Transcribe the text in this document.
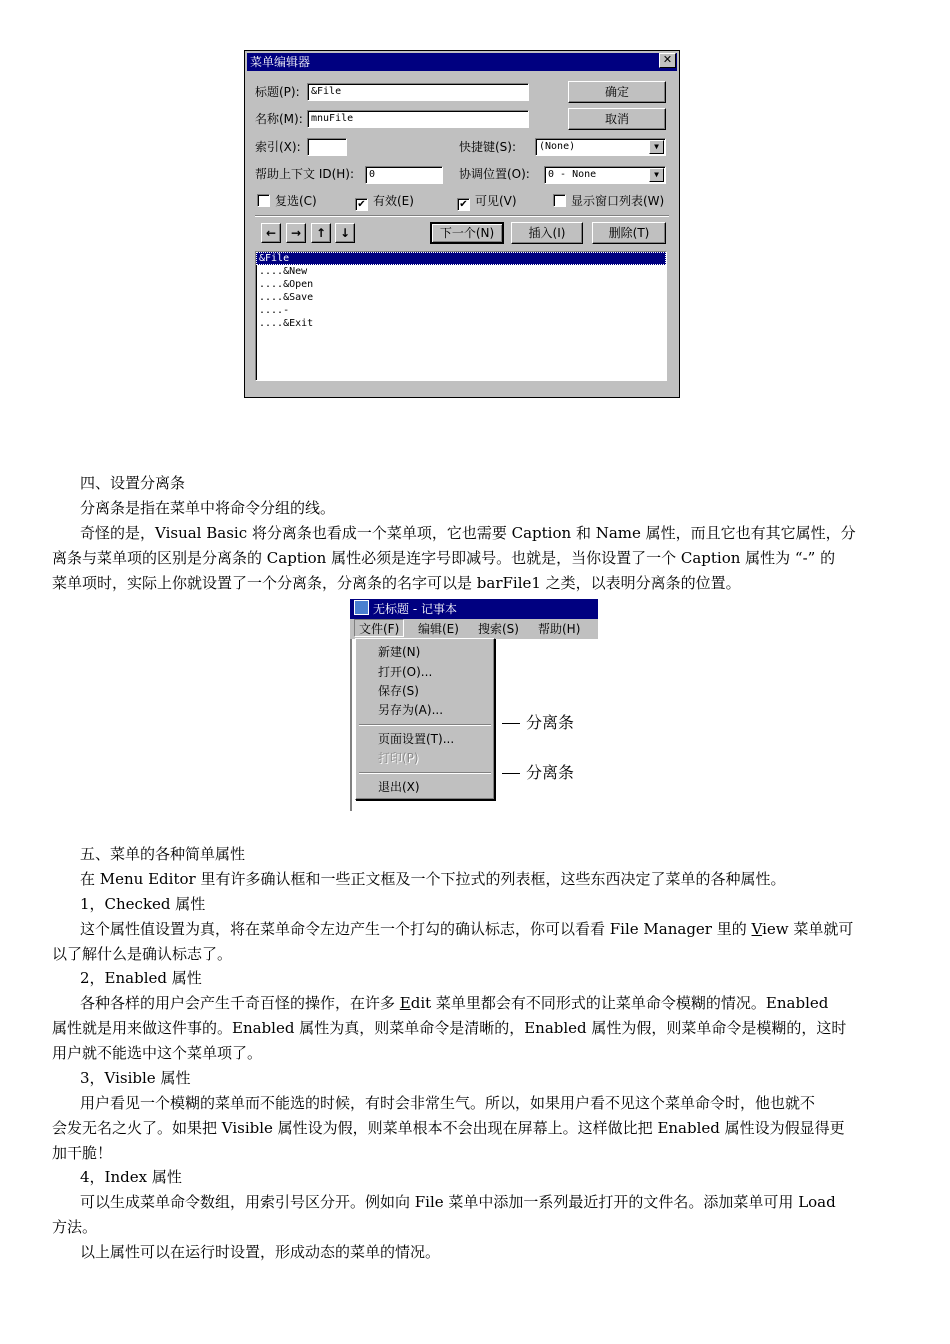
菜单编辑器	✕
标题(P):	&File
名称(M): mnuFile
确定
取消
索引(X):	快捷键(S):	(None)	▼
帮助上下文 ID(H):	0	协调位置(O):	0 - None	▼
复选(C)	✔ 有效(E)	✔ 可见(V)	显示窗口列表(W)
←	→	↑	↓	下一个(N)	插入(I)	删除(T)
&File
....&New
....&Open
....&Save
....-
....&Exit
四、设置分离条
分离条是指在菜单中将命令分组的线。
奇怪的是，Visual Basic 将分离条也看成一个菜单项，它也需要 Caption 和 Name 属性，而且它也有其它属性，分
离条与菜单项的区别是分离条的 Caption 属性必须是连字号即减号。也就是，当你设置了一个 Caption 属性为 “-” 的
菜单项时，实际上你就设置了一个分离条，分离条的名字可以是 barFile1 之类，以表明分离条的位置。
无标题 - 记事本
文件(F)	编辑(E) 搜索(S) 帮助(H)
新建(N)
打开(O)...
保存(S)
另存为(A)...
页面设置(T)...
打印(P)
退出(X)
分离条
分离条
五、菜单的各种简单属性
在 Menu Editor 里有许多确认框和一些正文框及一个下拉式的列表框，这些东西决定了菜单的各种属性。
1，Checked 属性
这个属性值设置为真，将在菜单命令左边产生一个打勾的确认标志，你可以看看 File Manager 里的 View 菜单就可
以了解什么是确认标志了。
2，Enabled 属性
各种各样的用户会产生千奇百怪的操作，在许多 Edit 菜单里都会有不同形式的让菜单命令模糊的情况。Enabled
属性就是用来做这件事的。Enabled 属性为真，则菜单命令是清晰的，Enabled 属性为假，则菜单命令是模糊的，这时
用户就不能选中这个菜单项了。
3，Visible 属性
用户看见一个模糊的菜单而不能选的时候，有时会非常生气。所以，如果用户看不见这个菜单命令时，他也就不
会发无名之火了。如果把 Visible 属性设为假，则菜单根本不会出现在屏幕上。这样做比把 Enabled 属性设为假显得更
加干脆！
4，Index 属性
可以生成菜单命令数组，用索引号区分开。例如向 File 菜单中添加一系列最近打开的文件名。添加菜单可用 Load
方法。
以上属性可以在运行时设置，形成动态的菜单的情况。
